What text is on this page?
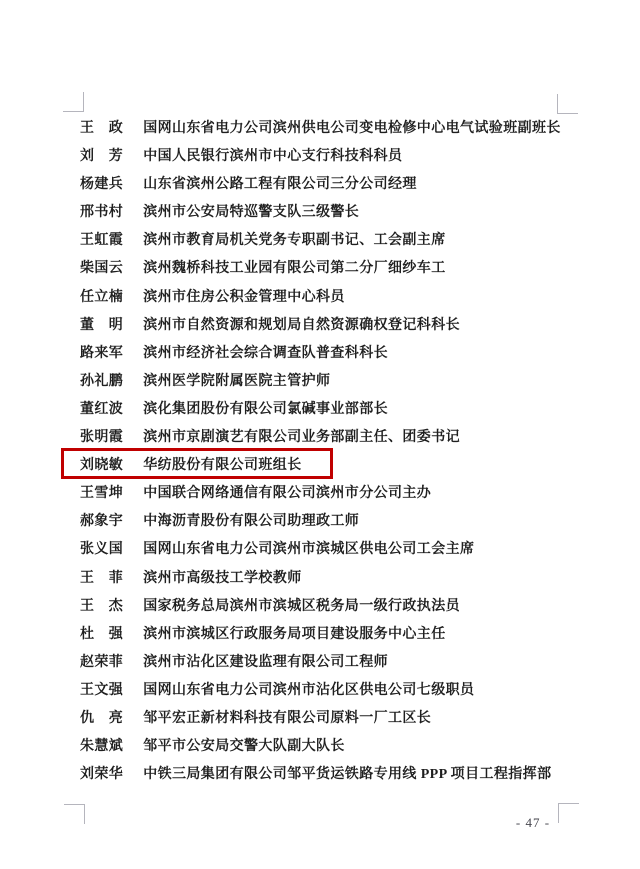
王　政 国网山东省电力公司滨州供电公司变电检修中心电气试验班副班长
刘　芳 中国人民银行滨州市中心支行科技科科员
杨建兵 山东省滨州公路工程有限公司三分公司经理
邢书村 滨州市公安局特巡警支队三级警长
王虹霞 滨州市教育局机关党务专职副书记、工会副主席
柴国云 滨州魏桥科技工业园有限公司第二分厂细纱车工
任立楠 滨州市住房公积金管理中心科员
董　明 滨州市自然资源和规划局自然资源确权登记科科长
路来军 滨州市经济社会综合调查队普查科科长
孙礼鹏 滨州医学院附属医院主管护师
董红波 滨化集团股份有限公司氯碱事业部部长
张明霞 滨州市京剧演艺有限公司业务部副主任、团委书记
刘晓敏 华纺股份有限公司班组长
王雪坤 中国联合网络通信有限公司滨州市分公司主办
郝象宇 中海沥青股份有限公司助理政工师
张义国 国网山东省电力公司滨州市滨城区供电公司工会主席
王　菲 滨州市高级技工学校教师
王　杰 国家税务总局滨州市滨城区税务局一级行政执法员
杜　强 滨州市滨城区行政服务局项目建设服务中心主任
赵荣菲 滨州市沾化区建设监理有限公司工程师
王文强 国网山东省电力公司滨州市沾化区供电公司七级职员
仇　亮 邹平宏正新材料科技有限公司原料一厂工区长
朱慧斌 邹平市公安局交警大队副大队长
刘荣华 中铁三局集团有限公司邹平货运铁路专用线 PPP 项目工程指挥部
- 47 -
